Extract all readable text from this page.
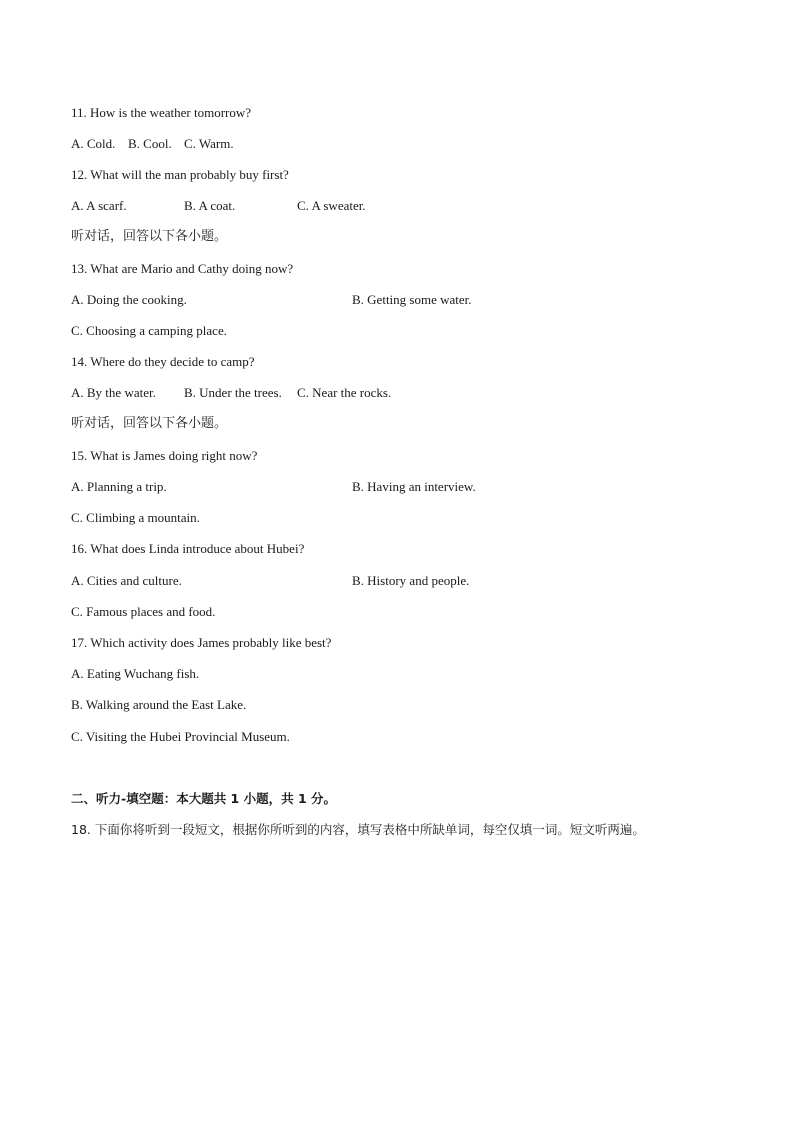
11. How is the weather tomorrow?
A. Cold. B. Cool. C. Warm.
12. What will the man probably buy first?
A. A scarf.	B. A coat.	C. A sweater.
听对话，回答以下各小题。
13. What are Mario and Cathy doing now?
A. Doing the cooking.	B. Getting some water.
C. Choosing a camping place.
14. Where do they decide to camp?
A. By the water. B. Under the trees. C. Near the rocks.
听对话，回答以下各小题。
15. What is James doing right now?
A. Planning a trip.	B. Having an interview.
C. Climbing a mountain.
16. What does Linda introduce about Hubei?
A. Cities and culture.	B. History and people.
C. Famous places and food.
17. Which activity does James probably like best?
A. Eating Wuchang fish.
B. Walking around the East Lake.
C. Visiting the Hubei Provincial Museum.
二、听力-填空题：本大题共 1 小题，共 1 分。
18. 下面你将听到一段短文，根据你所听到的内容，填写表格中所缺单词，每空仅填一词。短文听两遍。
